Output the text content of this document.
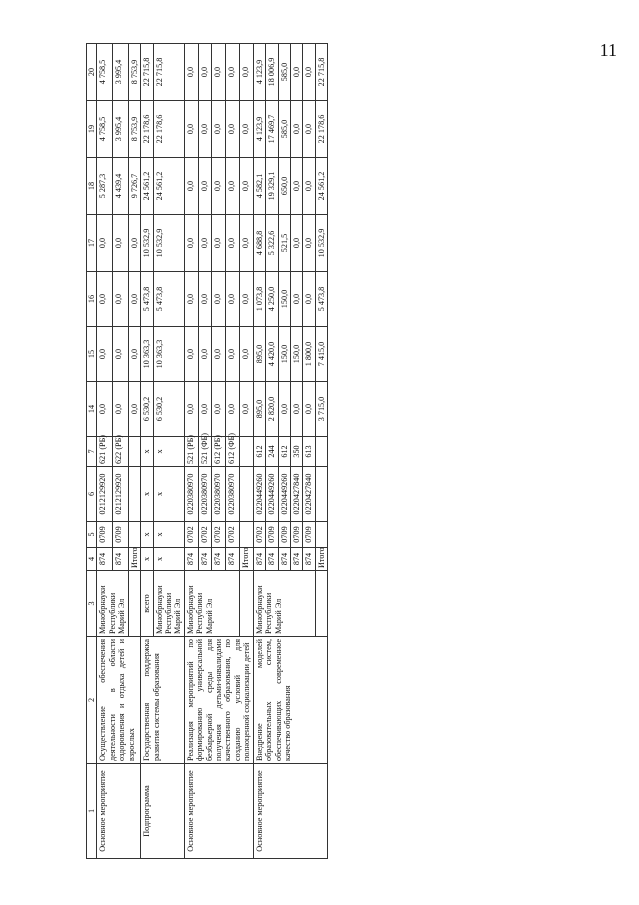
11
1	2	3	4	5	6	7	14	15	16	17	18	19	20
Основное мероприятие	Осуществление обеспечения деятельности в области оздоровления и отдыха детей и взрослых	Минобрнауки Республики Марий Эл	874	0709	0212129920	621 (РБ)	0,0	0,0	0,0	0,0	5 287,3	4 758,5	4 758,5
			874	0709	0212129920	622 (РБ)	0,0	0,0	0,0	0,0	4 439,4	3 995,4	3 995,4
			Итого				0,0	0,0	0,0	0,0	9 726,7	8 753,9	8 753,9
Подпрограмма	Государственная поддержка развития системы образования	всего	х	х	х	х	6 530,2	10 363,3	5 473,8	10 532,9	24 561,2	22 178,6	22 715,8
		Минобрнауки Республики Марий Эл	х	х	х	х	6 530,2	10 363,3	5 473,8	10 532,9	24 561,2	22 178,6	22 715,8
Основное мероприятие	Реализация мероприятий по формированию универсальной безбарьерной среды для получения детьми-инвалидами качественного образования, по созданию условий для полноценной социализации детей	Минобрнауки Республики Марий Эл	874	0702	0220380970	521 (РБ)	0,0	0,0	0,0	0,0	0,0	0,0	0,0
			874	0702	0220380970	521 (ФБ)	0,0	0,0	0,0	0,0	0,0	0,0	0,0
			874	0702	0220380970	612 (РБ)	0,0	0,0	0,0	0,0	0,0	0,0	0,0
			874	0702	0220380970	612 (ФБ)	0,0	0,0	0,0	0,0	0,0	0,0	0,0
			Итого				0,0	0,0	0,0	0,0	0,0	0,0	0,0
Основное мероприятие	Внедрение моделей образовательных систем, обеспечивающих современное качество образования	Минобрнауки Республики Марий Эл	874	0702	0220449260	612	895,0	895,0	1 073,8	4 688,8	4 582,1	4 123,9	4 123,9
			874	0709	0220449260	244	2 820,0	4 420,0	4 250,0	5 322,6	19 329,1	17 469,7	18 006,9
			874	0709	0220449260	612	0,0	150,0	150,0	521,5	650,0	585,0	585,0
			874	0709	0220427840	350	0,0	150,0	0,0	0,0	0,0	0,0	0,0
			874	0709	0220427840	613	0,0	1 800,0	0,0	0,0	0,0	0,0	0,0
			Итого				3 715,0	7 415,0	5 473,8	10 532,9	24 561,2	22 178,6	22 715,8
